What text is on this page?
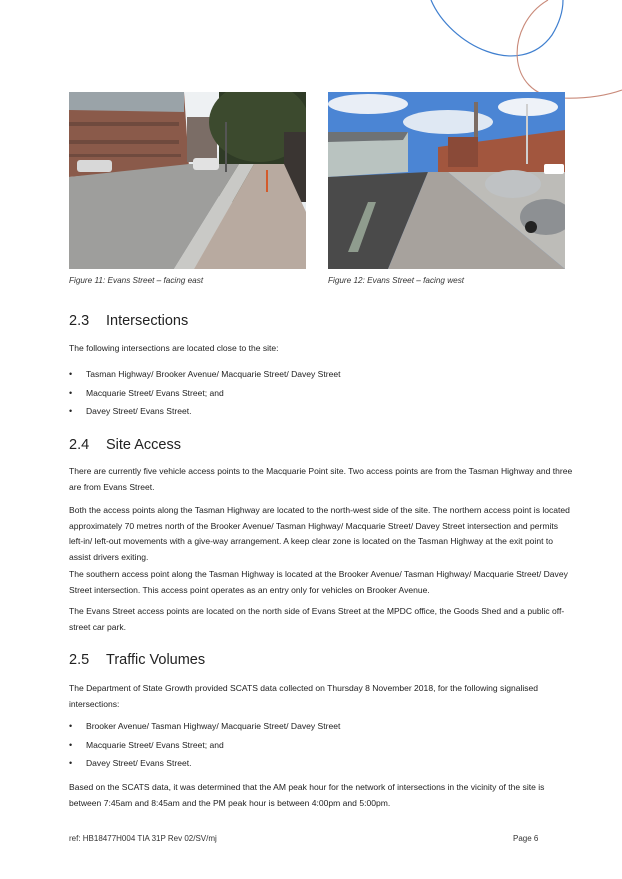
Figure 11: Evans Street – facing east	Figure 12: Evans Street – facing west
2.3 Intersections

The following intersections are located close to the site:

• Tasman Highway/ Brooker Avenue/ Macquarie Street/ Davey Street
• Macquarie Street/ Evans Street; and
• Davey Street/ Evans Street.
2.4 Site Access

There are currently five vehicle access points to the Macquarie Point site. Two access points are from the Tasman Highway and three are from Evans Street.

Both the access points along the Tasman Highway are located to the north-west side of the site. The northern access point is located approximately 70 metres north of the Brooker Avenue/ Tasman Highway/ Macquarie Street/ Davey Street intersection and permits left-in/ left-out movements with a give-way arrangement. A keep clear zone is located on the Tasman Highway at the exit point to assist drivers exiting.

The southern access point along the Tasman Highway is located at the Brooker Avenue/ Tasman Highway/ Macquarie Street/ Davey Street intersection. This access point operates as an entry only for vehicles on Brooker Avenue.

The Evans Street access points are located on the north side of Evans Street at the MPDC office, the Goods Shed and a public off-street car park.

2.5 Traffic Volumes

The Department of State Growth provided SCATS data collected on Thursday 8 November 2018, for the following signalised intersections:

• Brooker Avenue/ Tasman Highway/ Macquarie Street/ Davey Street
• Macquarie Street/ Evans Street; and
• Davey Street/ Evans Street.

Based on the SCATS data, it was determined that the AM peak hour for the network of intersections in the vicinity of the site is between 7:45am and 8:45am and the PM peak hour is between 4:00pm and 5:00pm.

ref: HB18477H004 TIA 31P Rev 02/SV/mj	Page 6
